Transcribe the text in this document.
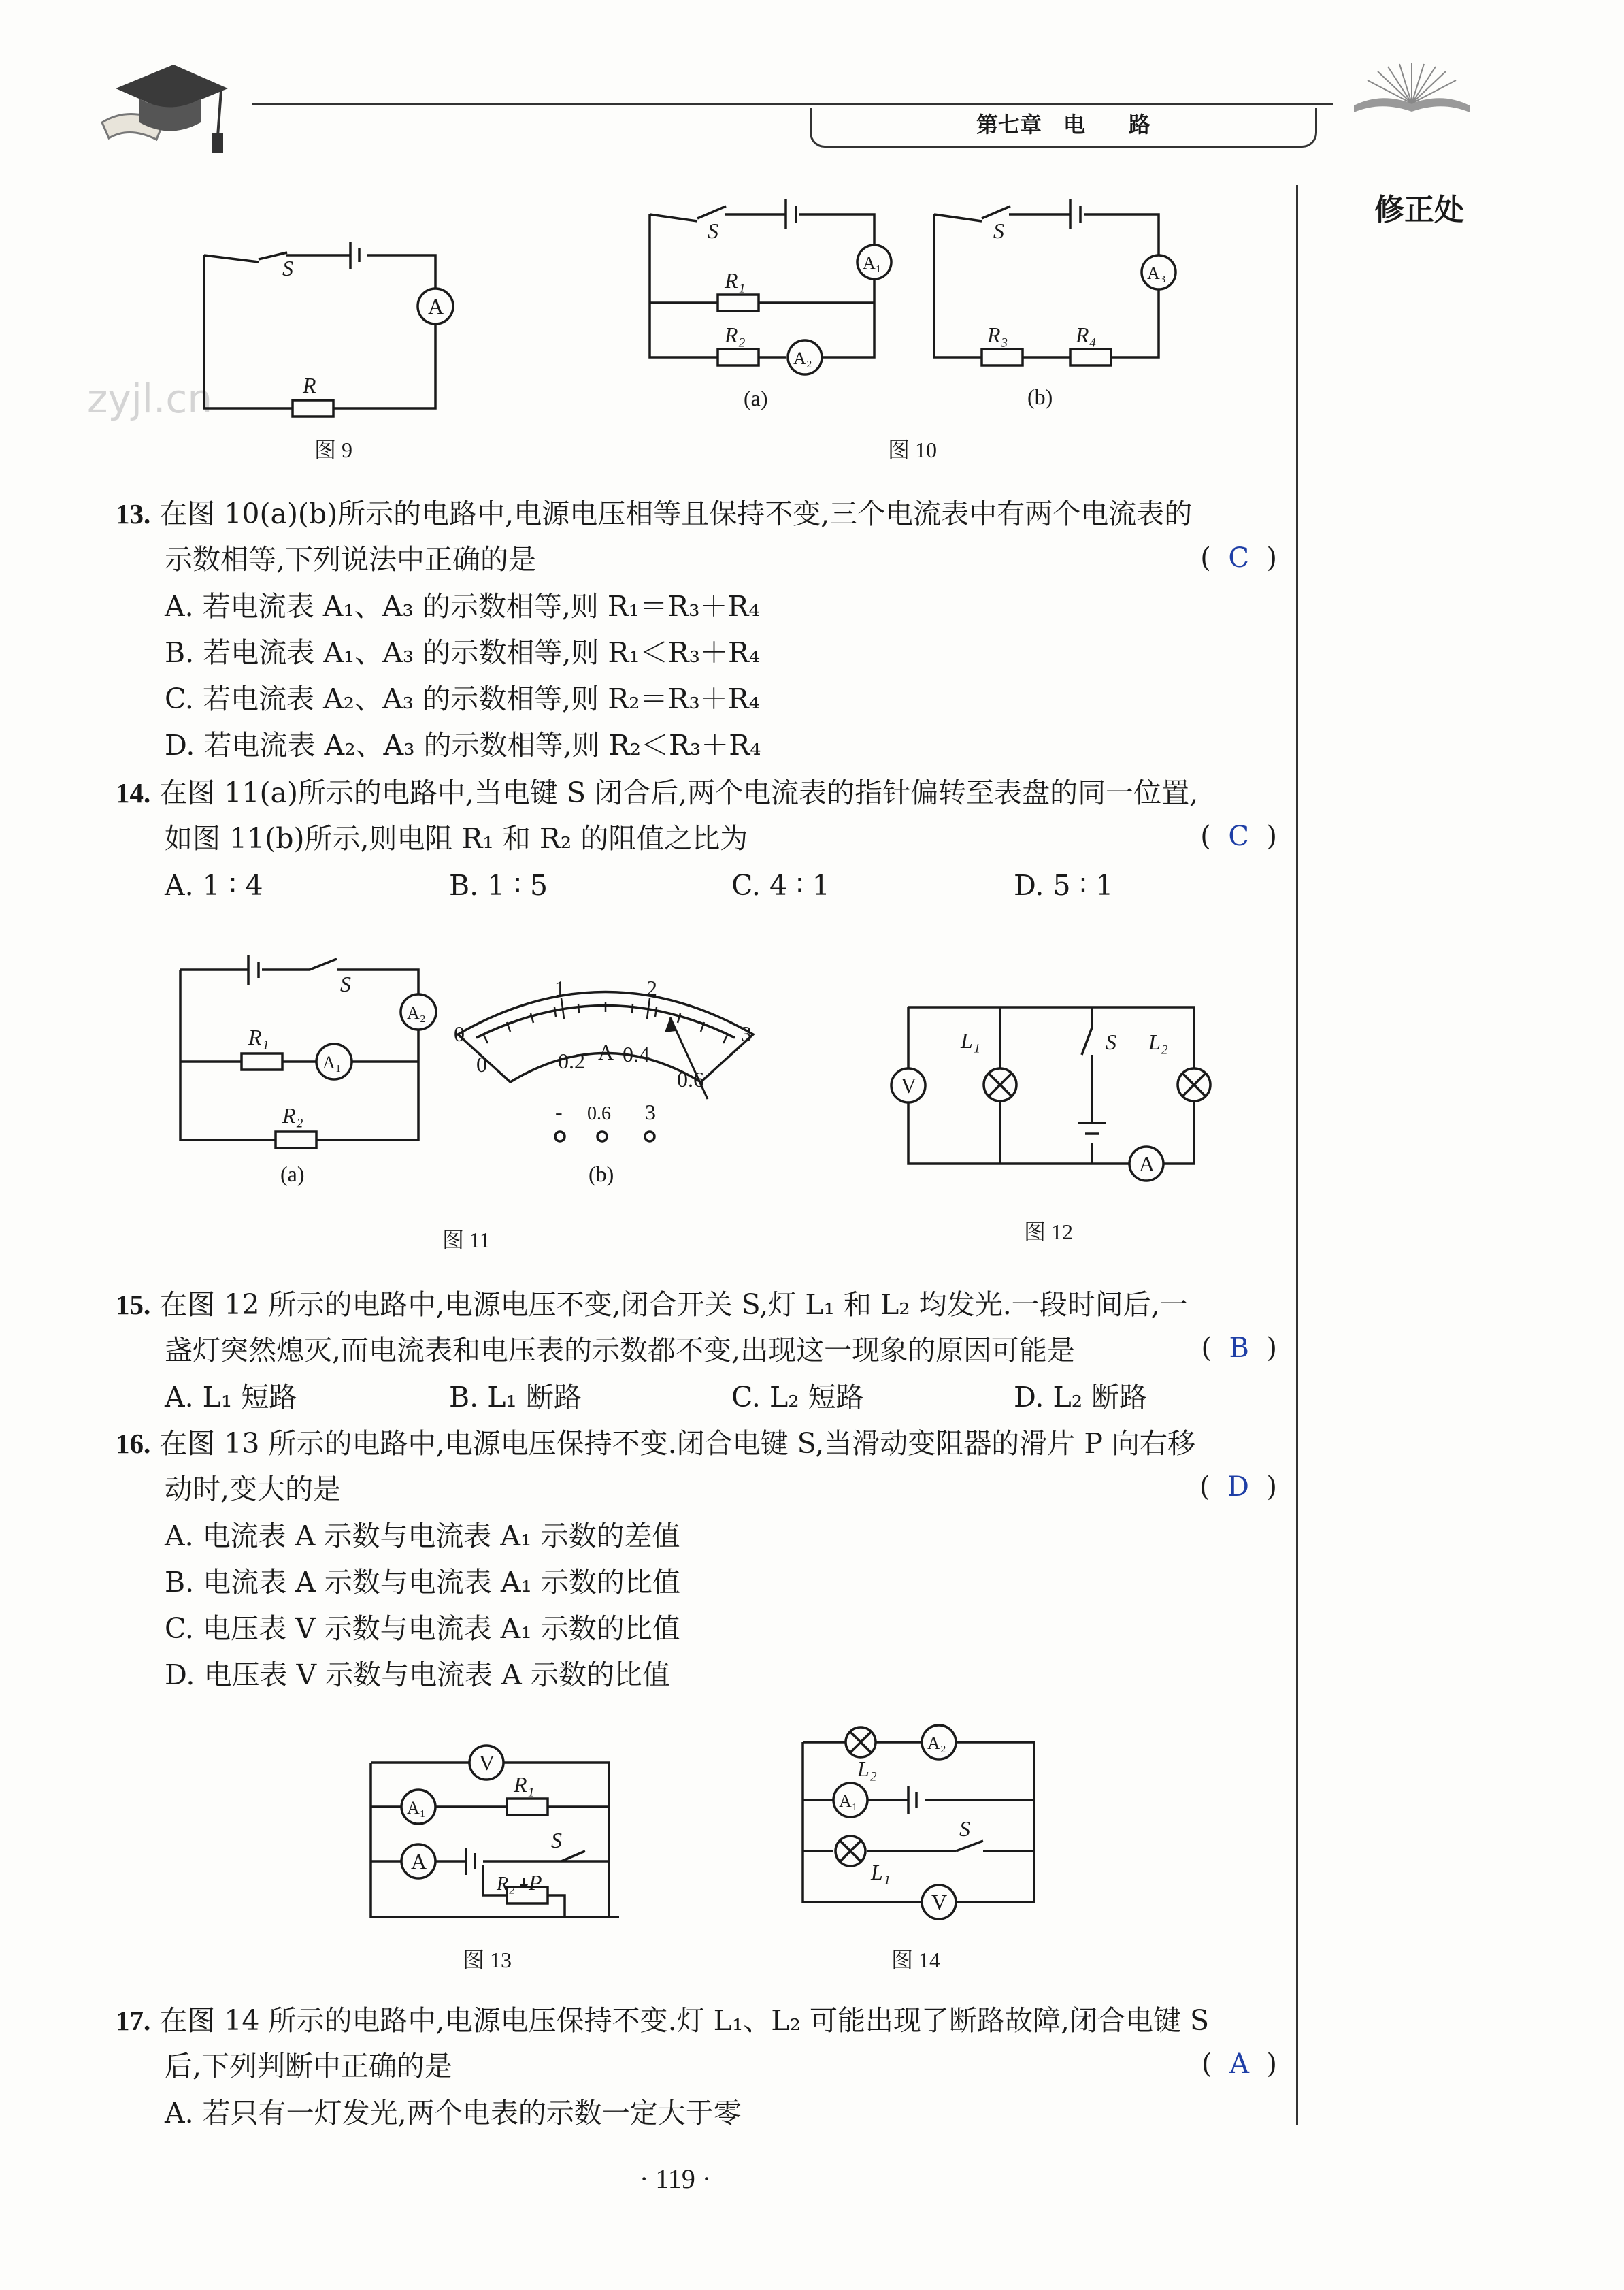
第七章　电　　路
修正处
zyjl.cn
A
S
R
图 9
S
A₁
R₁
R₂
A₂
(a)
S
A₃
R₃	R₄
(b)
图 10
13. 在图 10(a)(b)所示的电路中,电源电压相等且保持不变,三个电流表中有两个电流表的
示数相等,下列说法中正确的是	( C )
A. 若电流表 A₁、A₃ 的示数相等,则 R₁＝R₃＋R₄
B. 若电流表 A₁、A₃ 的示数相等,则 R₁＜R₃＋R₄
C. 若电流表 A₂、A₃ 的示数相等,则 R₂＝R₃＋R₄
D. 若电流表 A₂、A₃ 的示数相等,则 R₂＜R₃＋R₄
14. 在图 11(a)所示的电路中,当电键 S 闭合后,两个电流表的指针偏转至表盘的同一位置,
如图 11(b)所示,则电阻 R₁ 和 R₂ 的阻值之比为	( C )
A. 1 ∶ 4	B. 1 ∶ 5	C. 4 ∶ 1	D. 5 ∶ 1
S
A₂
R₁
A₁
R₂
(a)
0
1	2
3
0	0.2 0.4
0.6
A
- 0.6 3
(b)
图 11
V
L₁	S L₂
A
图 12
15. 在图 12 所示的电路中,电源电压不变,闭合开关 S,灯 L₁ 和 L₂ 均发光.一段时间后,一
盏灯突然熄灭,而电流表和电压表的示数都不变,出现这一现象的原因可能是	( B )
A. L₁ 短路	B. L₁ 断路	C. L₂ 短路	D. L₂ 断路
16. 在图 13 所示的电路中,电源电压保持不变.闭合电键 S,当滑动变阻器的滑片 P 向右移
动时,变大的是	( D )
A. 电流表 A 示数与电流表 A₁ 示数的差值
B. 电流表 A 示数与电流表 A₁ 示数的比值
C. 电压表 V 示数与电流表 A₁ 示数的比值
D. 电压表 V 示数与电流表 A 示数的比值
V
R₁
A₁
S
A
R₂ P
图 13
A₂
L₂
A₁
S
L₁
V
图 14
17. 在图 14 所示的电路中,电源电压保持不变.灯 L₁、L₂ 可能出现了断路故障,闭合电键 S
后,下列判断中正确的是	( A )
A. 若只有一灯发光,两个电表的示数一定大于零
· 119 ·
